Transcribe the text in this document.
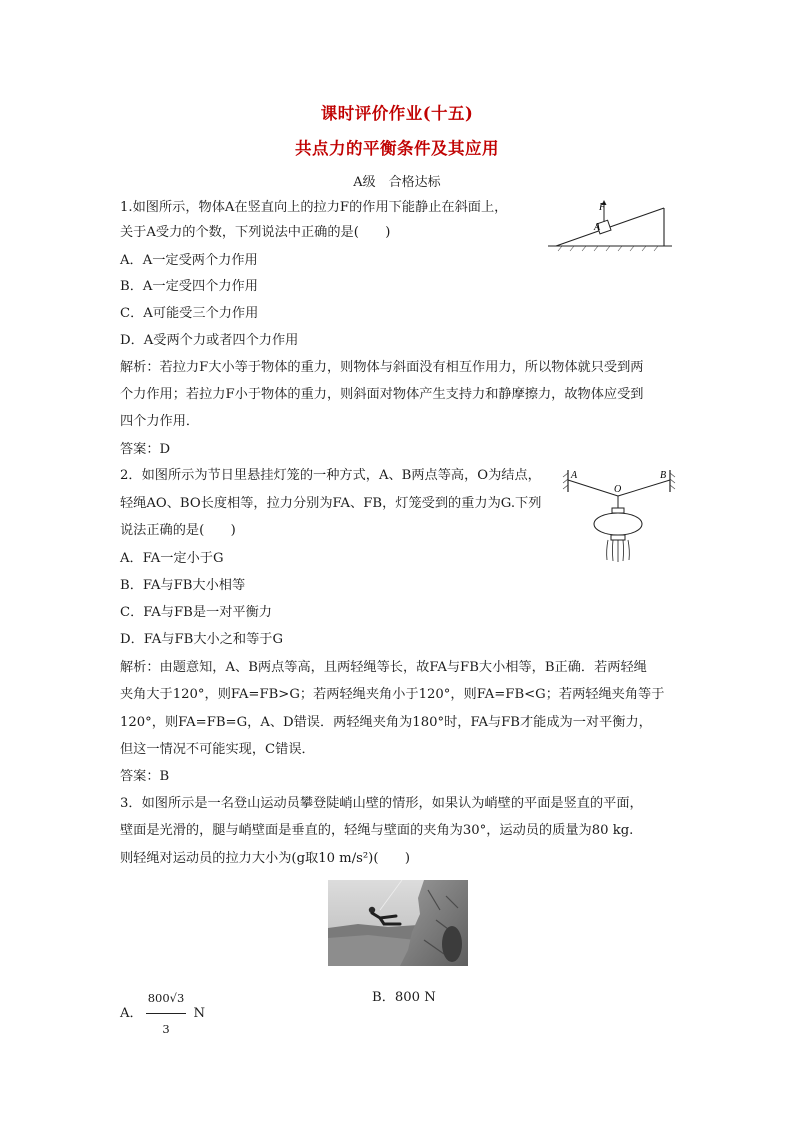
课时评价作业(十五)
共点力的平衡条件及其应用
A级　合格达标
1.如图所示，物体A在竖直向上的拉力F的作用下能静止在斜面上，
关于A受力的个数，下列说法中正确的是(　　)
A．A一定受两个力作用
B．A一定受四个力作用
C．A可能受三个力作用
D．A受两个力或者四个力作用
解析：若拉力F大小等于物体的重力，则物体与斜面没有相互作用力，所以物体就只受到两
个力作用；若拉力F小于物体的重力，则斜面对物体产生支持力和静摩擦力，故物体应受到
四个力作用．
答案：D
F
A
2．如图所示为节日里悬挂灯笼的一种方式，A、B两点等高，O为结点，
轻绳AO、BO长度相等，拉力分别为FA、FB，灯笼受到的重力为G.下列
说法正确的是(　　)
A．FA一定小于G
B．FA与FB大小相等
C．FA与FB是一对平衡力
D．FA与FB大小之和等于G
解析：由题意知，A、B两点等高，且两轻绳等长，故FA与FB大小相等，B正确．若两轻绳
夹角大于120°，则FA=FB>G；若两轻绳夹角小于120°，则FA=FB<G；若两轻绳夹角等于
120°，则FA=FB=G，A、D错误．两轻绳夹角为180°时，FA与FB才能成为一对平衡力，
但这一情况不可能实现，C错误．
答案：B
A
O
B
3．如图所示是一名登山运动员攀登陡峭山壁的情形，如果认为峭壁的平面是竖直的平面，
壁面是光滑的，腿与峭壁面是垂直的，轻绳与壁面的夹角为30°，运动员的质量为80 kg.
则轻绳对运动员的拉力大小为(g取10 m/s²)(　　)
A． $\frac{800√3}{3}$ N
B．800 N
